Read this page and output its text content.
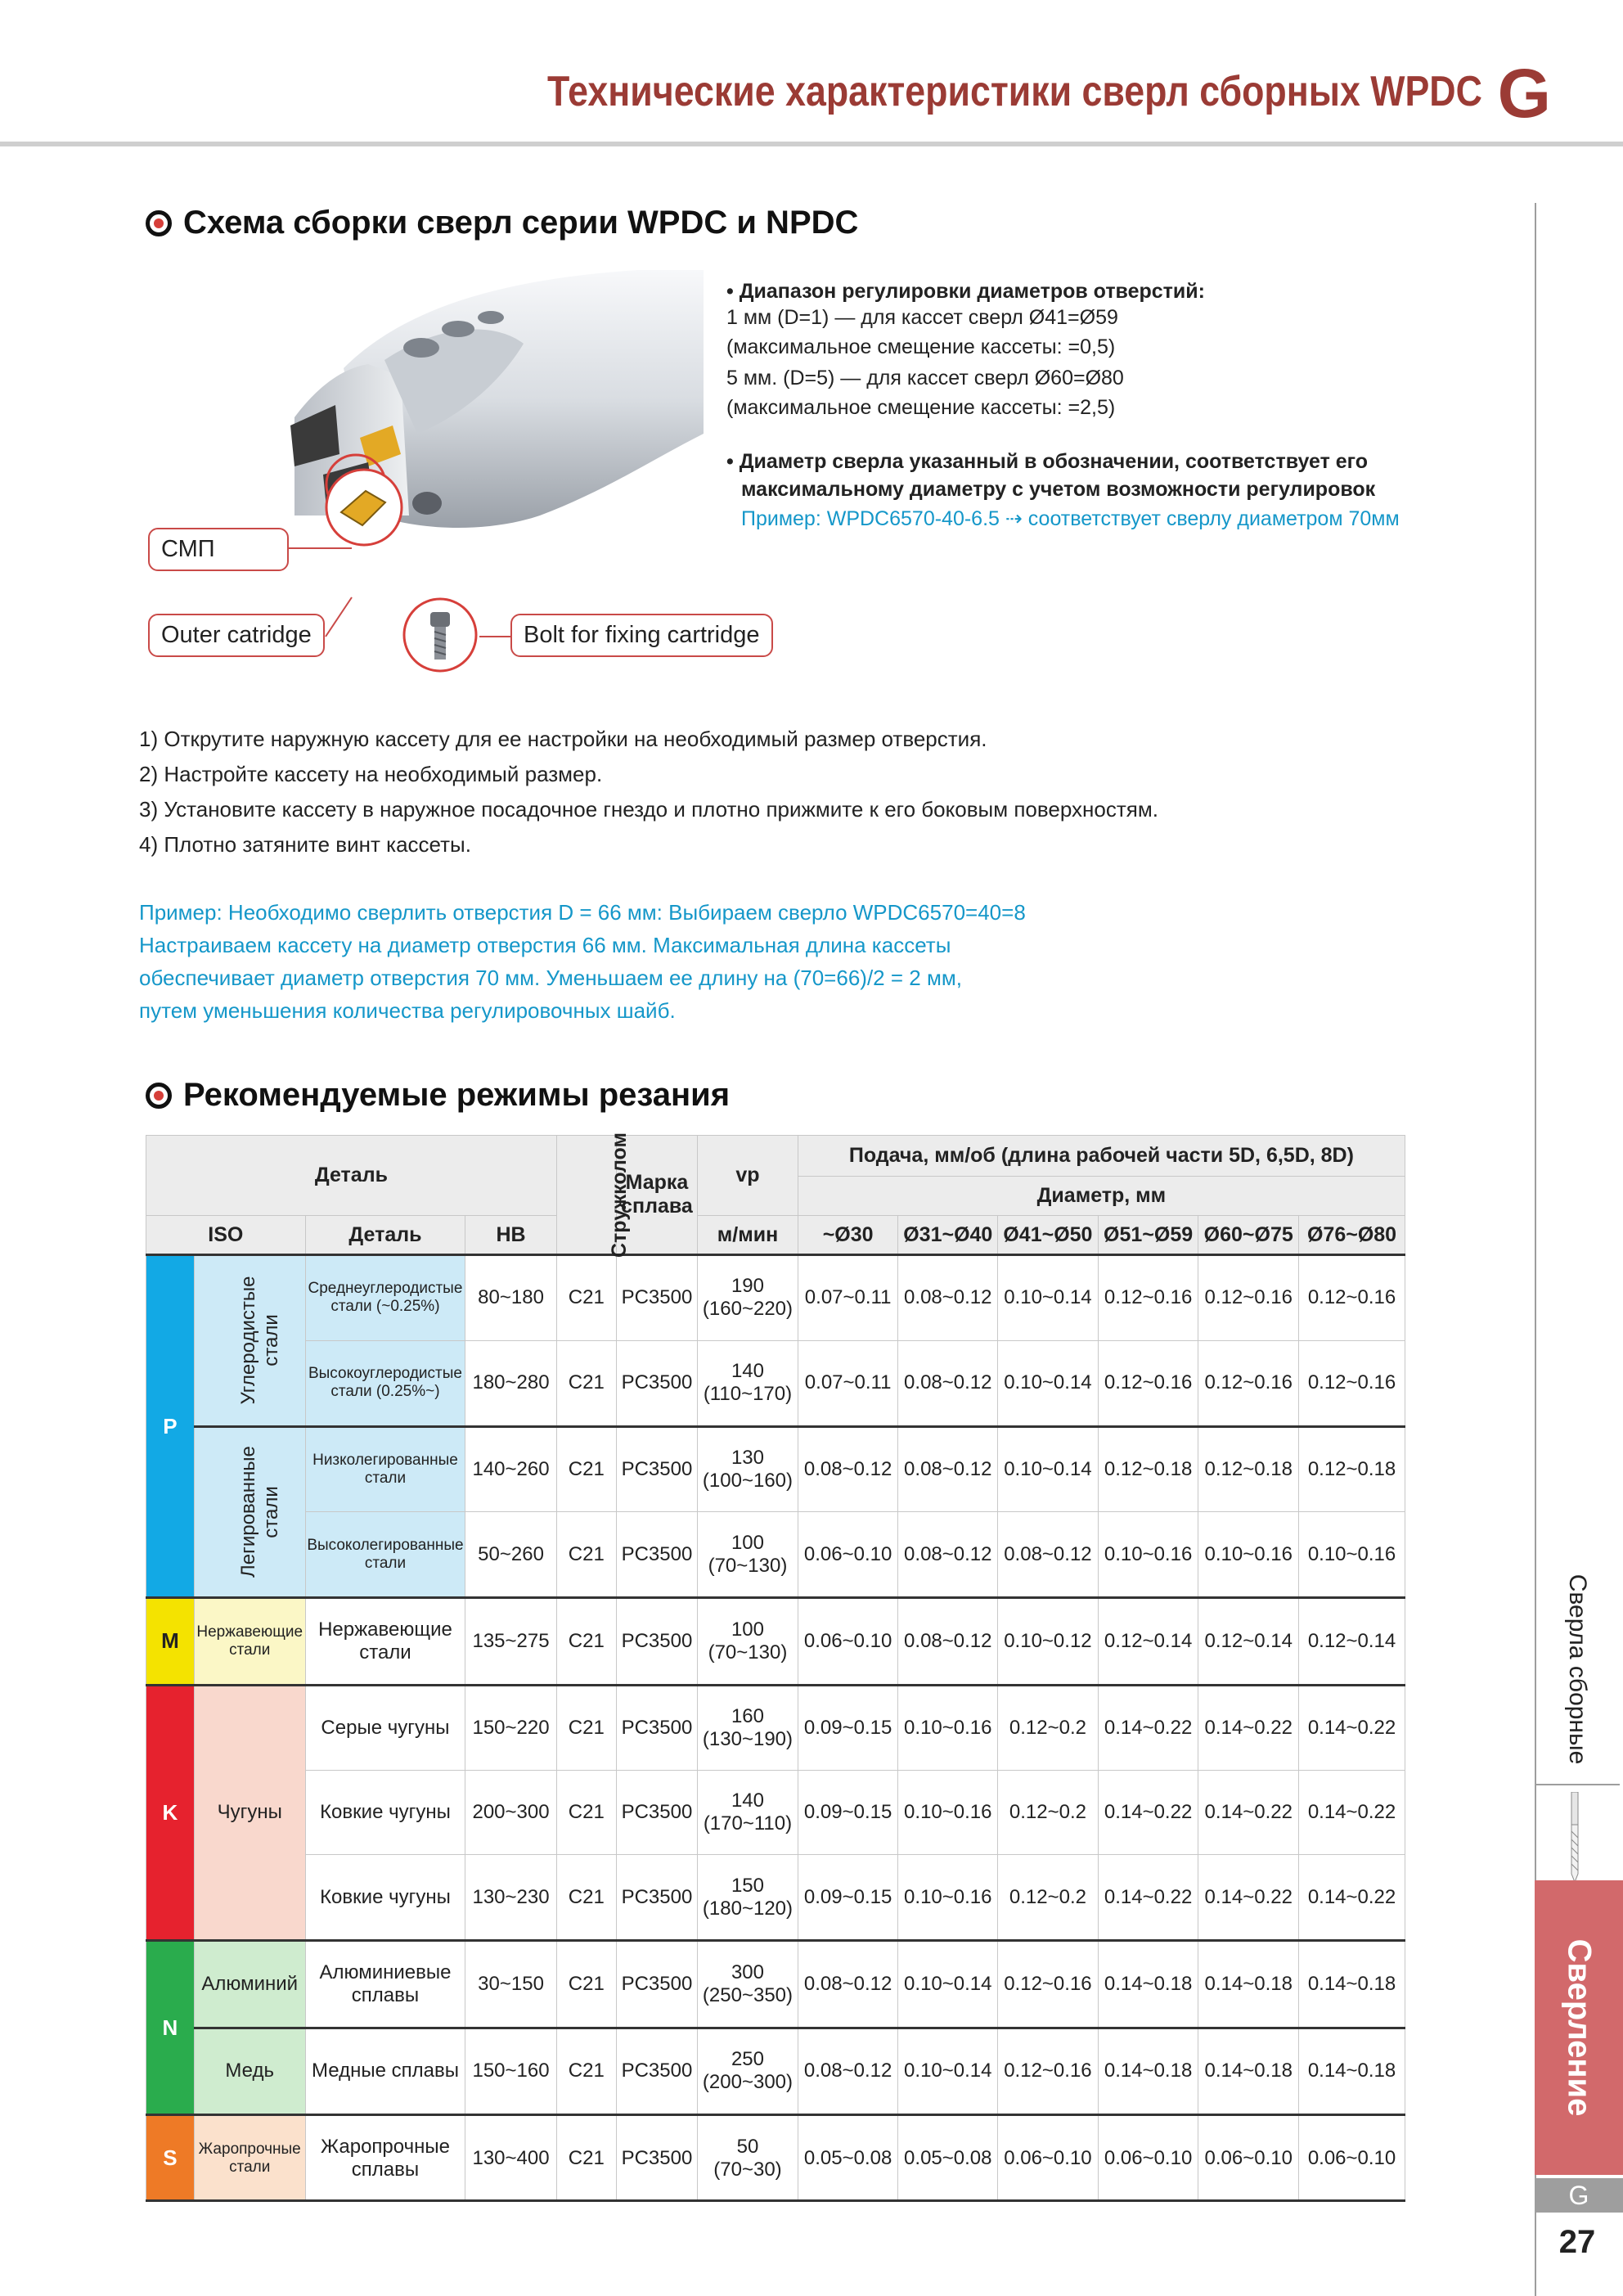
Технические характеристики сверл сборных WPDC G
Сверла сборные
Сверление
G
27
Схема сборки сверл серии WPDC и NPDC
СМП
Outer catridge	Bolt for fixing cartridge
• Диапазон регулировки диаметров отверстий:
1 мм (D=1) — для кассет сверл Ø41=Ø59
(максимальное смещение кассеты: =0,5)
5 мм. (D=5) — для кассет сверл Ø60=Ø80
(максимальное смещение кассеты: =2,5)
• Диаметр сверла указанный в обозначении, соответствует его
максимальному диаметру с учетом возможности регулировок
Пример: WPDC6570-40-6.5 ⇢ соответствует сверлу диаметром 70мм
1) Открутите наружную кассету для ее настройки на необходимый размер отверстия.
2) Настройте кассету на необходимый размер.
3) Установите кассету в наружное посадочное гнездо и плотно прижмите к его боковым поверхностям.
4) Плотно затяните винт кассеты.
Пример: Необходимо сверлить отверстия D = 66 мм: Выбираем сверло WPDC6570=40=8
Настраиваем кассету на диаметр отверстия 66 мм. Максимальная длина кассеты
обеспечивает диаметр отверстия 70 мм. Уменьшаем ее длину на (70=66)/2 = 2 мм,
путем уменьшения количества регулировочных шайб.
Рекомендуемые режимы резания
Деталь				Стружколом	Марка сплава	vp	Подача, мм/об (длина рабочей части 5D, 6,5D, 8D)					
							Диаметр, мм					
ISO		Деталь	HB			м/мин	~Ø30	Ø31~Ø40	Ø41~Ø50	Ø51~Ø59	Ø60~Ø75	Ø76~Ø80
P	Углеродистые стали	Среднеуглеродистые стали (~0.25%)	80~180	C21	PC3500	190
(160~220)	0.07~0.11	0.08~0.12	0.10~0.14	0.12~0.16	0.12~0.16	0.12~0.16
		Высокоуглеродистые стали (0.25%~)	180~280	C21	PC3500	140
(110~170)	0.07~0.11	0.08~0.12	0.10~0.14	0.12~0.16	0.12~0.16	0.12~0.16
	Легированные стали	Низколегированные стали	140~260	C21	PC3500	130
(100~160)	0.08~0.12	0.08~0.12	0.10~0.14	0.12~0.18	0.12~0.18	0.12~0.18
		Высоколегированные стали	50~260	C21	PC3500	100
(70~130)	0.06~0.10	0.08~0.12	0.08~0.12	0.10~0.16	0.10~0.16	0.10~0.16
M	Нержавеющие стали	Нержавеющие стали	135~275	C21	PC3500	100
(70~130)	0.06~0.10	0.08~0.12	0.10~0.12	0.12~0.14	0.12~0.14	0.12~0.14
K	Чугуны	Серые чугуны	150~220	C21	PC3500	160
(130~190)	0.09~0.15	0.10~0.16	0.12~0.2	0.14~0.22	0.14~0.22	0.14~0.22
		Ковкие чугуны	200~300	C21	PC3500	140
(170~110)	0.09~0.15	0.10~0.16	0.12~0.2	0.14~0.22	0.14~0.22	0.14~0.22
		Ковкие чугуны	130~230	C21	PC3500	150
(180~120)	0.09~0.15	0.10~0.16	0.12~0.2	0.14~0.22	0.14~0.22	0.14~0.22
N	Алюминий	Алюминиевые сплавы	30~150	C21	PC3500	300
(250~350)	0.08~0.12	0.10~0.14	0.12~0.16	0.14~0.18	0.14~0.18	0.14~0.18
	Медь	Медные сплавы	150~160	C21	PC3500	250
(200~300)	0.08~0.12	0.10~0.14	0.12~0.16	0.14~0.18	0.14~0.18	0.14~0.18
S	Жаропрочные стали	Жаропрочные сплавы	130~400	C21	PC3500	50
(70~30)	0.05~0.08	0.05~0.08	0.06~0.10	0.06~0.10	0.06~0.10	0.06~0.10
